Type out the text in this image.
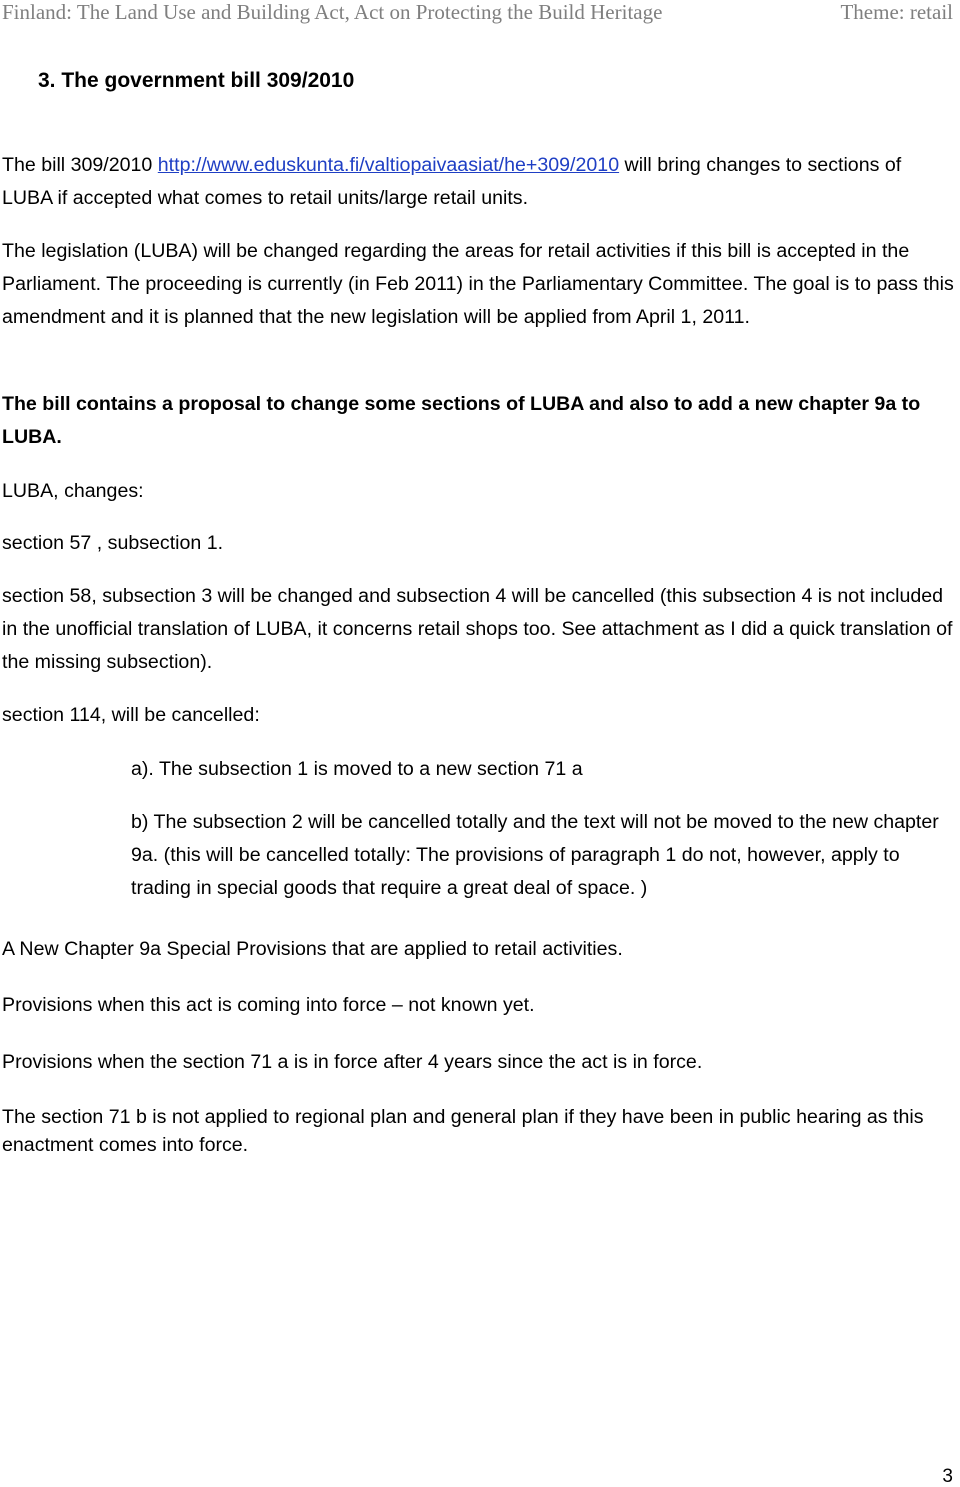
Finland: The Land Use and Building Act, Act on Protecting the Build Heritage	Theme: retail
3. The government bill 309/2010

The bill 309/2010 http://www.eduskunta.fi/valtiopaivaasiat/he+309/2010 will bring changes to sections of LUBA if accepted what comes to retail units/large retail units.

The legislation (LUBA) will be changed regarding the areas for retail activities if this bill is accepted in the Parliament. The proceeding is currently (in Feb 2011) in the Parliamentary Committee. The goal is to pass this amendment and it is planned that the new legislation will be applied from April 1, 2011.

The bill contains a proposal to change some sections of LUBA and also to add a new chapter 9a to LUBA.

LUBA, changes:

section 57 , subsection 1.

section 58, subsection 3 will be changed and subsection 4 will be cancelled (this subsection 4 is not included in the unofficial translation of LUBA, it concerns retail shops too. See attachment as I did a quick translation of the missing subsection).

section 114, will be cancelled:

a). The subsection 1 is moved to a new section 71 a

b) The subsection 2 will be cancelled totally and the text will not be moved to the new chapter 9a. (this will be cancelled totally: The provisions of paragraph 1 do not, however, apply to trading in special goods that require a great deal of space. )

A New Chapter 9a Special Provisions that are applied to retail activities.

Provisions when this act is coming into force – not known yet.

Provisions when the section 71 a is in force after 4 years since the act is in force.

The section 71 b is not applied to regional plan and general plan if they have been in public hearing as this enactment comes into force.

3
